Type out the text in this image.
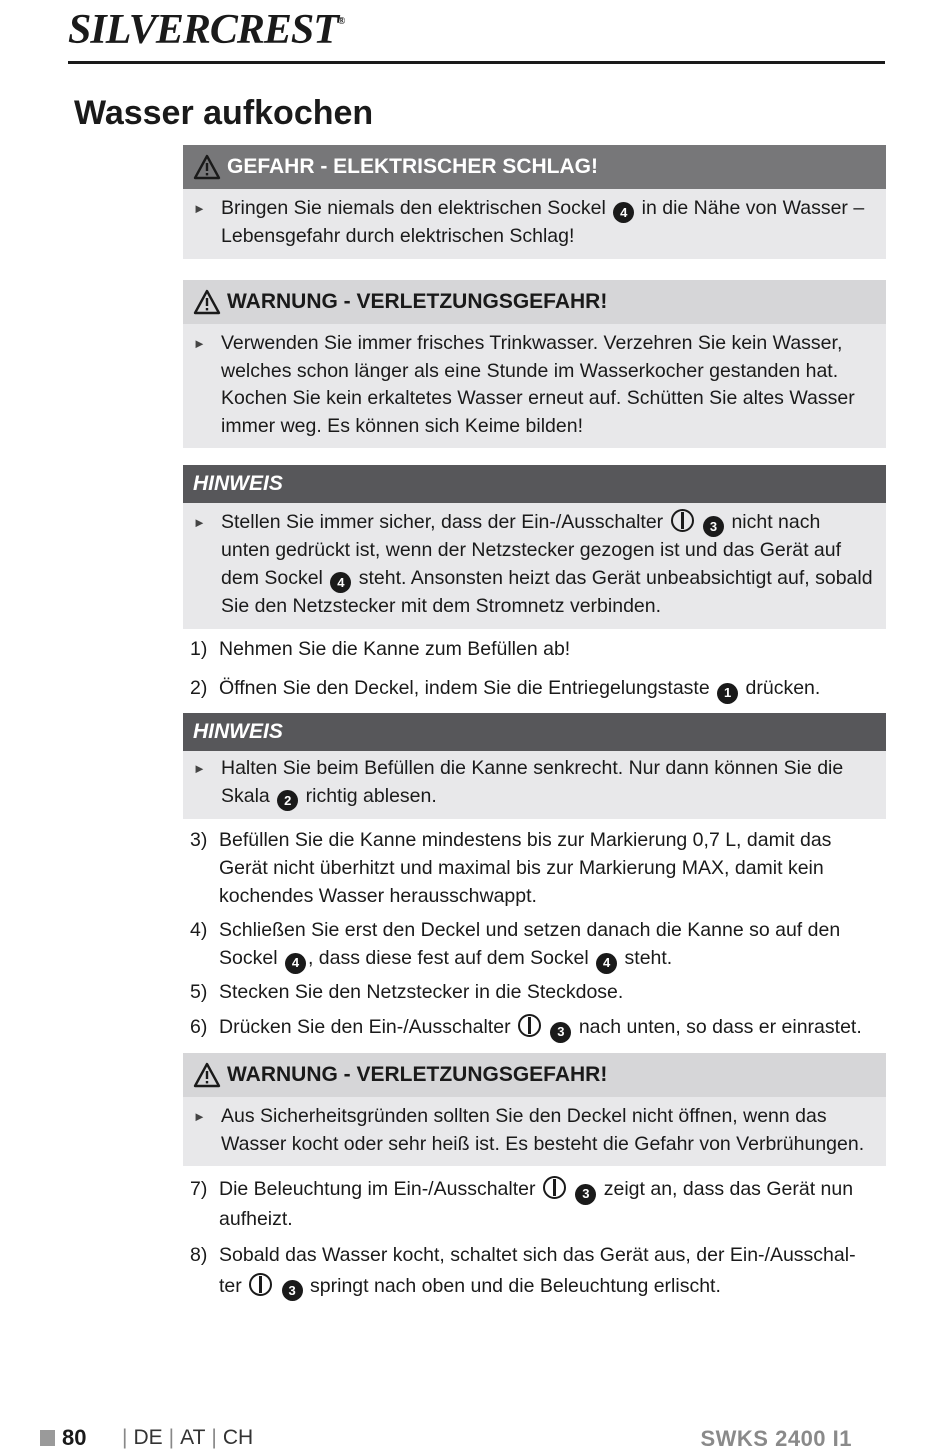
SILVERCREST®
Wasser aufkochen
GEFAHR - ELEKTRISCHER SCHLAG!
► Bringen Sie niemals den elektrischen Sockel 4 in die Nähe von Wasser – Lebensgefahr durch elektrischen Schlag!
WARNUNG - VERLETZUNGSGEFAHR!
► Verwenden Sie immer frisches Trinkwasser. Verzehren Sie kein Wasser, welches schon länger als eine Stunde im Wasserkocher gestanden hat. Kochen Sie kein erkaltetes Wasser erneut auf. Schütten Sie altes Wasser immer weg. Es können sich Keime bilden!
HINWEIS
► Stellen Sie immer sicher, dass der Ein-/Ausschalter	3 nicht nach unten gedrückt ist, wenn der Netzstecker gezogen ist und das Gerät auf dem Sockel 4 steht. Ansonsten heizt das Gerät unbeabsichtigt auf, sobald Sie den Netzstecker mit dem Stromnetz verbinden.
1) Nehmen Sie die Kanne zum Befüllen ab!
2) Öffnen Sie den Deckel, indem Sie die Entriegelungstaste 1 drücken.
HINWEIS
► Halten Sie beim Befüllen die Kanne senkrecht. Nur dann können Sie die Skala 2 richtig ablesen.
3) Befüllen Sie die Kanne mindestens bis zur Markierung 0,7 L, damit das Gerät nicht überhitzt und maximal bis zur Markierung MAX, damit kein kochendes Wasser herausschwappt.
4) Schließen Sie erst den Deckel und setzen danach die Kanne so auf den Sockel 4 , dass diese fest auf dem Sockel 4 steht.
5) Stecken Sie den Netzstecker in die Steckdose.
6) Drücken Sie den Ein-/Ausschalter	3 nach unten, so dass er einrastet.
WARNUNG - VERLETZUNGSGEFAHR!
► Aus Sicherheitsgründen sollten Sie den Deckel nicht öffnen, wenn das Wasser kocht oder sehr heiß ist. Es besteht die Gefahr von Verbrühungen.
7) Die Beleuchtung im Ein-/Ausschalter	3 zeigt an, dass das Gerät nun aufheizt.
8) Sobald das Wasser kocht, schaltet sich das Gerät aus, der Ein-/Ausschal-ter	3 springt nach oben und die Beleuchtung erlischt.
80 | DE | AT | CH	SWKS 2400 I1
